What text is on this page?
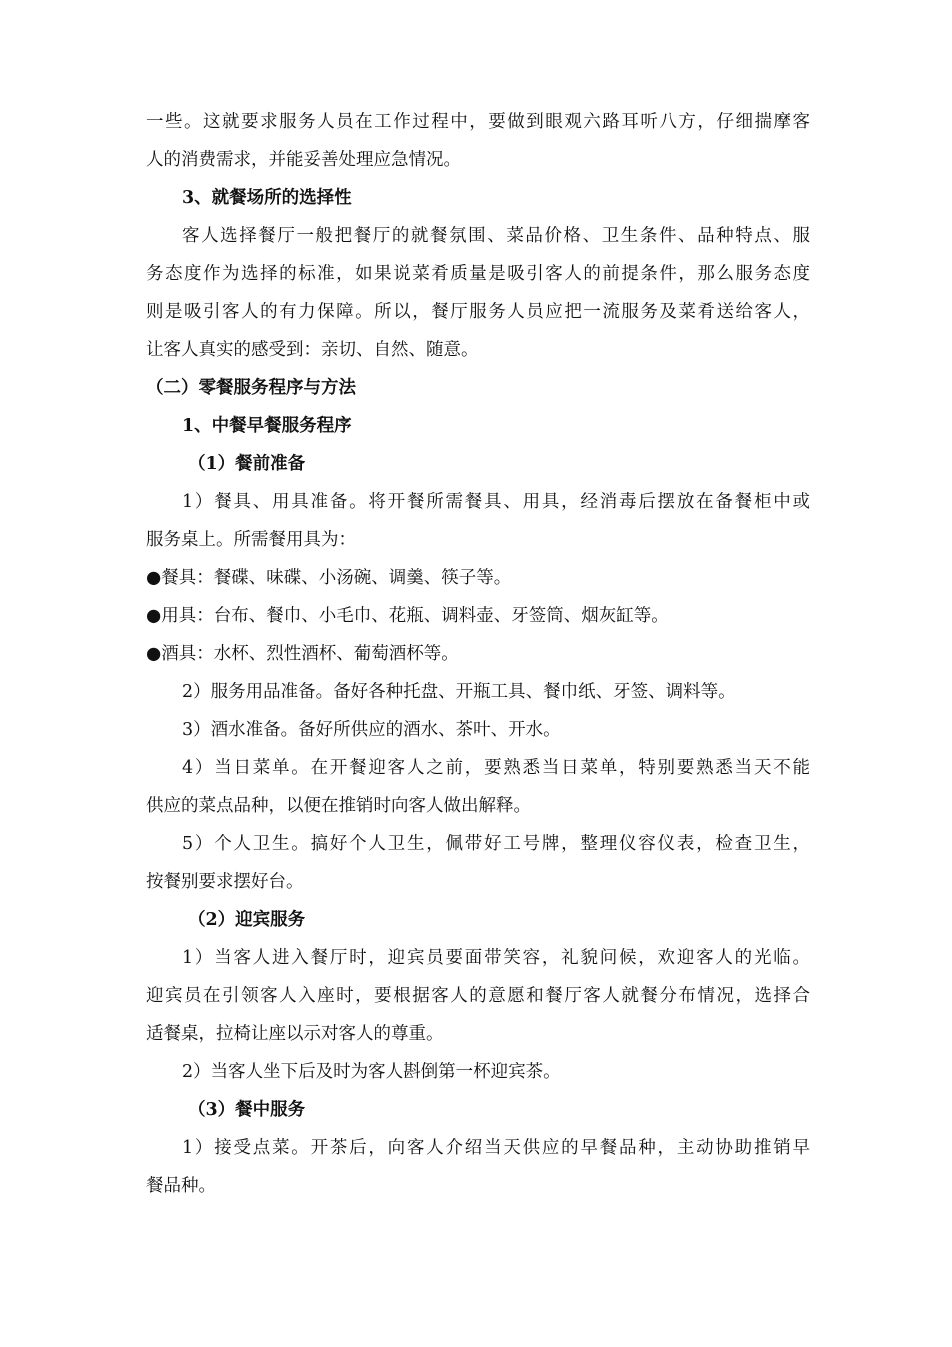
一些。这就要求服务人员在工作过程中，要做到眼观六路耳听八方，仔细揣摩客
人的消费需求，并能妥善处理应急情况。
3、就餐场所的选择性
客人选择餐厅一般把餐厅的就餐氛围、菜品价格、卫生条件、品种特点、服
务态度作为选择的标准，如果说菜肴质量是吸引客人的前提条件，那么服务态度
则是吸引客人的有力保障。所以，餐厅服务人员应把一流服务及菜肴送给客人，
让客人真实的感受到：亲切、自然、随意。
（二）零餐服务程序与方法
1、中餐早餐服务程序
（1）餐前准备
1）餐具、用具准备。将开餐所需餐具、用具，经消毒后摆放在备餐柜中或
服务桌上。所需餐用具为：
●餐具：餐碟、味碟、小汤碗、调羹、筷子等。
●用具：台布、餐巾、小毛巾、花瓶、调料壶、牙签筒、烟灰缸等。
●酒具：水杯、烈性酒杯、葡萄酒杯等。
2）服务用品准备。备好各种托盘、开瓶工具、餐巾纸、牙签、调料等。
3）酒水准备。备好所供应的酒水、茶叶、开水。
4）当日菜单。在开餐迎客人之前，要熟悉当日菜单，特别要熟悉当天不能
供应的菜点品种，以便在推销时向客人做出解释。
5）个人卫生。搞好个人卫生，佩带好工号牌，整理仪容仪表，检查卫生，
按餐别要求摆好台。
（2）迎宾服务
1）当客人进入餐厅时，迎宾员要面带笑容，礼貌问候，欢迎客人的光临。
迎宾员在引领客人入座时，要根据客人的意愿和餐厅客人就餐分布情况，选择合
适餐桌，拉椅让座以示对客人的尊重。
2）当客人坐下后及时为客人斟倒第一杯迎宾茶。
（3）餐中服务
1）接受点菜。开茶后，向客人介绍当天供应的早餐品种，主动协助推销早
餐品种。
